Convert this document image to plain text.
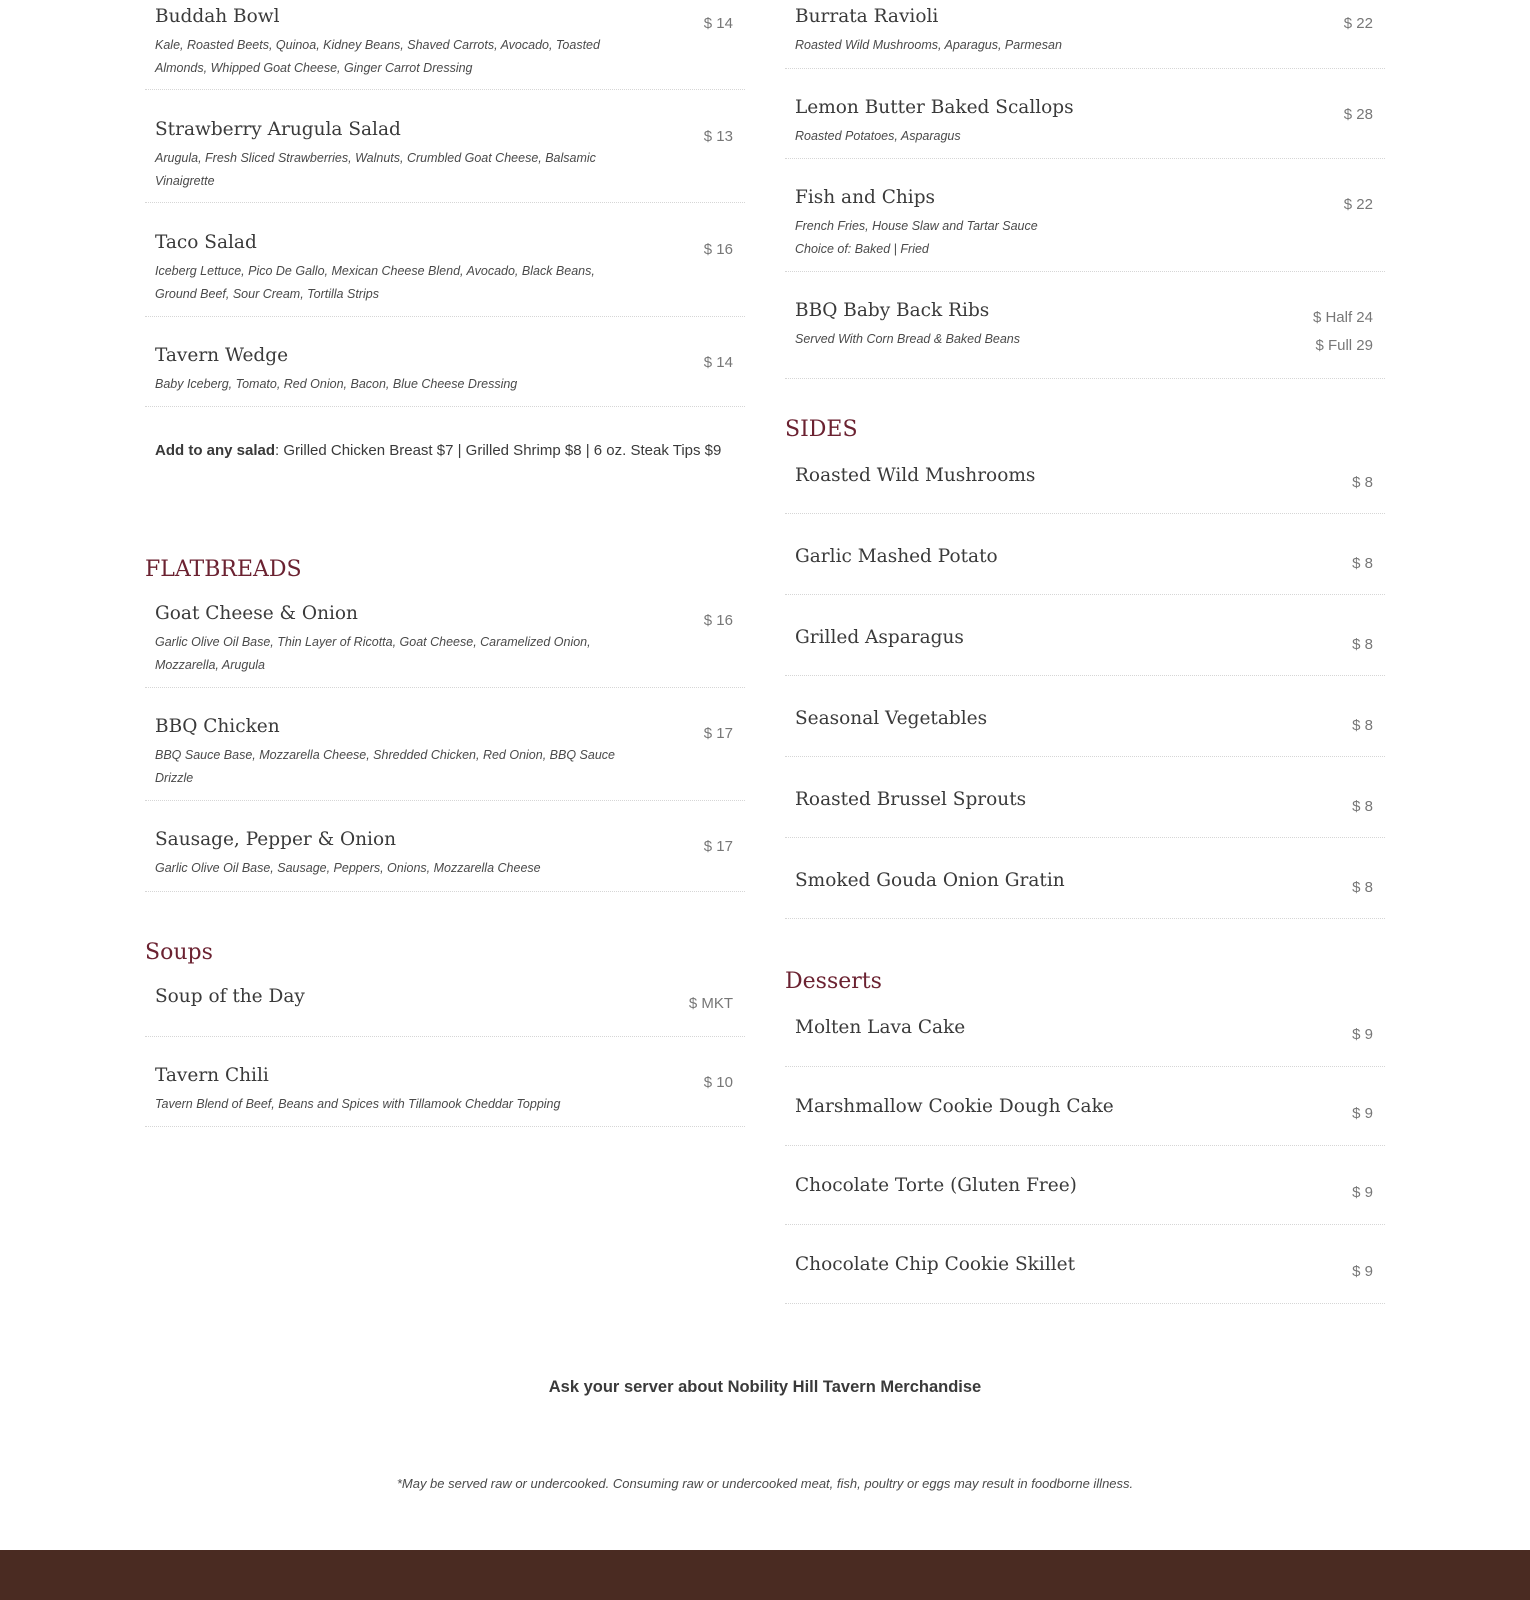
Buddah Bowl
Kale, Roasted Beets, Quinoa, Kidney Beans, Shaved Carrots, Avocado, Toasted
Almonds, Whipped Goat Cheese, Ginger Carrot Dressing
$ 14
Strawberry Arugula Salad
Arugula, Fresh Sliced Strawberries, Walnuts, Crumbled Goat Cheese, Balsamic
Vinaigrette
$ 13
Taco Salad
Iceberg Lettuce, Pico De Gallo, Mexican Cheese Blend, Avocado, Black Beans,
Ground Beef, Sour Cream, Tortilla Strips
$ 16
Tavern Wedge
Baby Iceberg, Tomato, Red Onion, Bacon, Blue Cheese Dressing
$ 14
Add to any salad: Grilled Chicken Breast $7 | Grilled Shrimp $8 | 6 oz. Steak Tips $9
FLATBREADS
Goat Cheese & Onion
Garlic Olive Oil Base, Thin Layer of Ricotta, Goat Cheese, Caramelized Onion,
Mozzarella, Arugula
$ 16
BBQ Chicken
BBQ Sauce Base, Mozzarella Cheese, Shredded Chicken, Red Onion, BBQ Sauce
Drizzle
$ 17
Sausage, Pepper & Onion
Garlic Olive Oil Base, Sausage, Peppers, Onions, Mozzarella Cheese
$ 17
Soups
Soup of the Day	$ MKT
Tavern Chili
Tavern Blend of Beef, Beans and Spices with Tillamook Cheddar Topping
$ 10
Burrata Ravioli
Roasted Wild Mushrooms, Aparagus, Parmesan
$ 22
Lemon Butter Baked Scallops
Roasted Potatoes, Asparagus
$ 28
Fish and Chips
French Fries, House Slaw and Tartar Sauce
Choice of: Baked | Fried
$ 22
BBQ Baby Back Ribs
Served With Corn Bread & Baked Beans
$ Half 24
$ Full 29
SIDES
Roasted Wild Mushrooms	$ 8
Garlic Mashed Potato	$ 8
Grilled Asparagus	$ 8
Seasonal Vegetables	$ 8
Roasted Brussel Sprouts	$ 8
Smoked Gouda Onion Gratin	$ 8
Desserts
Molten Lava Cake	$ 9
Marshmallow Cookie Dough Cake	$ 9
Chocolate Torte (Gluten Free)	$ 9
Chocolate Chip Cookie Skillet	$ 9
Ask your server about Nobility Hill Tavern Merchandise
*May be served raw or undercooked. Consuming raw or undercooked meat, fish, poultry or eggs may result in foodborne illness.
